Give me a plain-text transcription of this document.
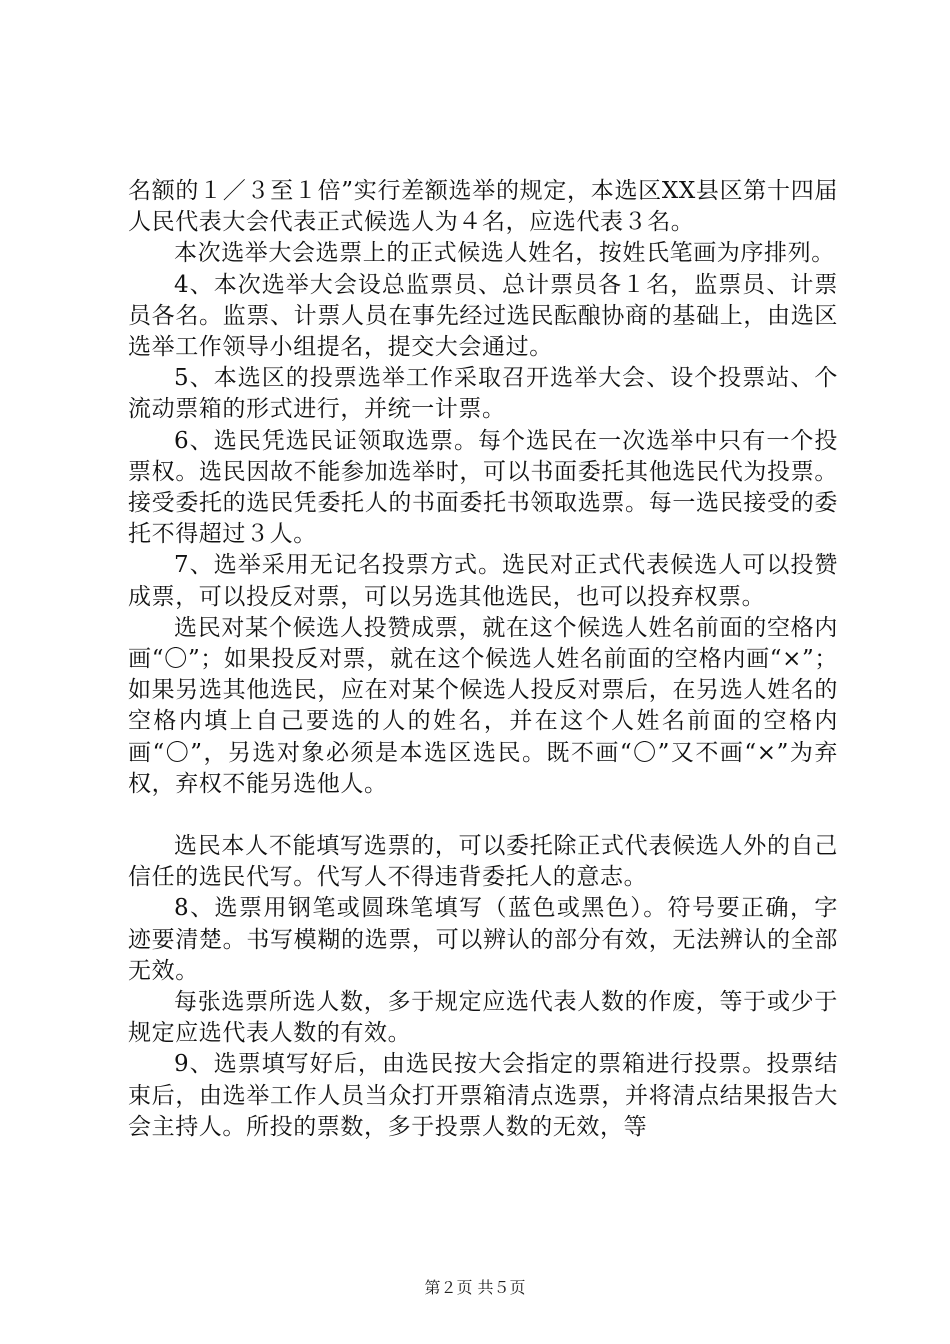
名额的１／３至１倍”实行差额选举的规定，本选区XX县区第十四届人民代表大会代表正式候选人为４名，应选代表３名。

本次选举大会选票上的正式候选人姓名，按姓氏笔画为序排列。

4、本次选举大会设总监票员、总计票员各１名，监票员、计票员各名。监票、计票人员在事先经过选民酝酿协商的基础上，由选区选举工作领导小组提名，提交大会通过。

5、本选区的投票选举工作采取召开选举大会、设个投票站、个流动票箱的形式进行，并统一计票。

6、选民凭选民证领取选票。每个选民在一次选举中只有一个投票权。选民因故不能参加选举时，可以书面委托其他选民代为投票。接受委托的选民凭委托人的书面委托书领取选票。每一选民接受的委托不得超过３人。

7、选举采用无记名投票方式。选民对正式代表候选人可以投赞成票，可以投反对票，可以另选其他选民，也可以投弃权票。

选民对某个候选人投赞成票，就在这个候选人姓名前面的空格内画“〇”；如果投反对票，就在这个候选人姓名前面的空格内画“×”；如果另选其他选民，应在对某个候选人投反对票后，在另选人姓名的空格内填上自己要选的人的姓名，并在这个人姓名前面的空格内画“〇”，另选对象必须是本选区选民。既不画“〇”又不画“×”为弃权，弃权不能另选他人。

选民本人不能填写选票的，可以委托除正式代表候选人外的自己信任的选民代写。代写人不得违背委托人的意志。

8、选票用钢笔或圆珠笔填写（蓝色或黑色）。符号要正确，字迹要清楚。书写模糊的选票，可以辨认的部分有效，无法辨认的全部无效。

每张选票所选人数，多于规定应选代表人数的作废，等于或少于规定应选代表人数的有效。

9、选票填写好后，由选民按大会指定的票箱进行投票。投票结束后，由选举工作人员当众打开票箱清点选票，并将清点结果报告大会主持人。所投的票数，多于投票人数的无效，等

第２页 共５页
